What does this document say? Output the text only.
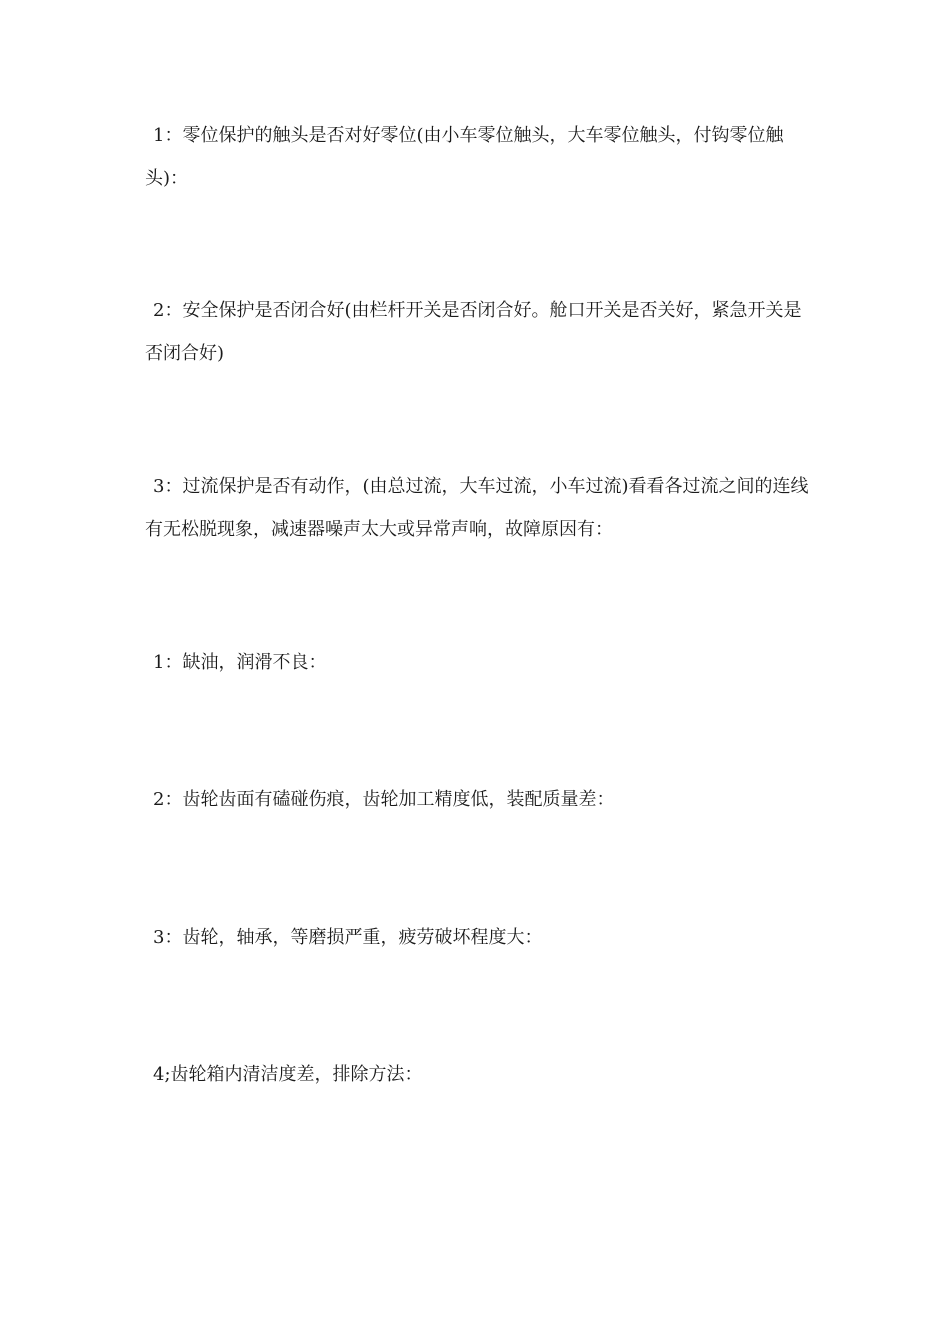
1：零位保护的触头是否对好零位(由小车零位触头，大车零位触头，付钩零位触头)：

2：安全保护是否闭合好(由栏杆开关是否闭合好。舱口开关是否关好，紧急开关是否闭合好)

3：过流保护是否有动作，(由总过流，大车过流，小车过流)看看各过流之间的连线有无松脱现象，减速器噪声太大或异常声响，故障原因有：

1：缺油，润滑不良：

2：齿轮齿面有磕碰伤痕，齿轮加工精度低，装配质量差：

3：齿轮，轴承，等磨损严重，疲劳破坏程度大：

4;齿轮箱内清洁度差，排除方法：
